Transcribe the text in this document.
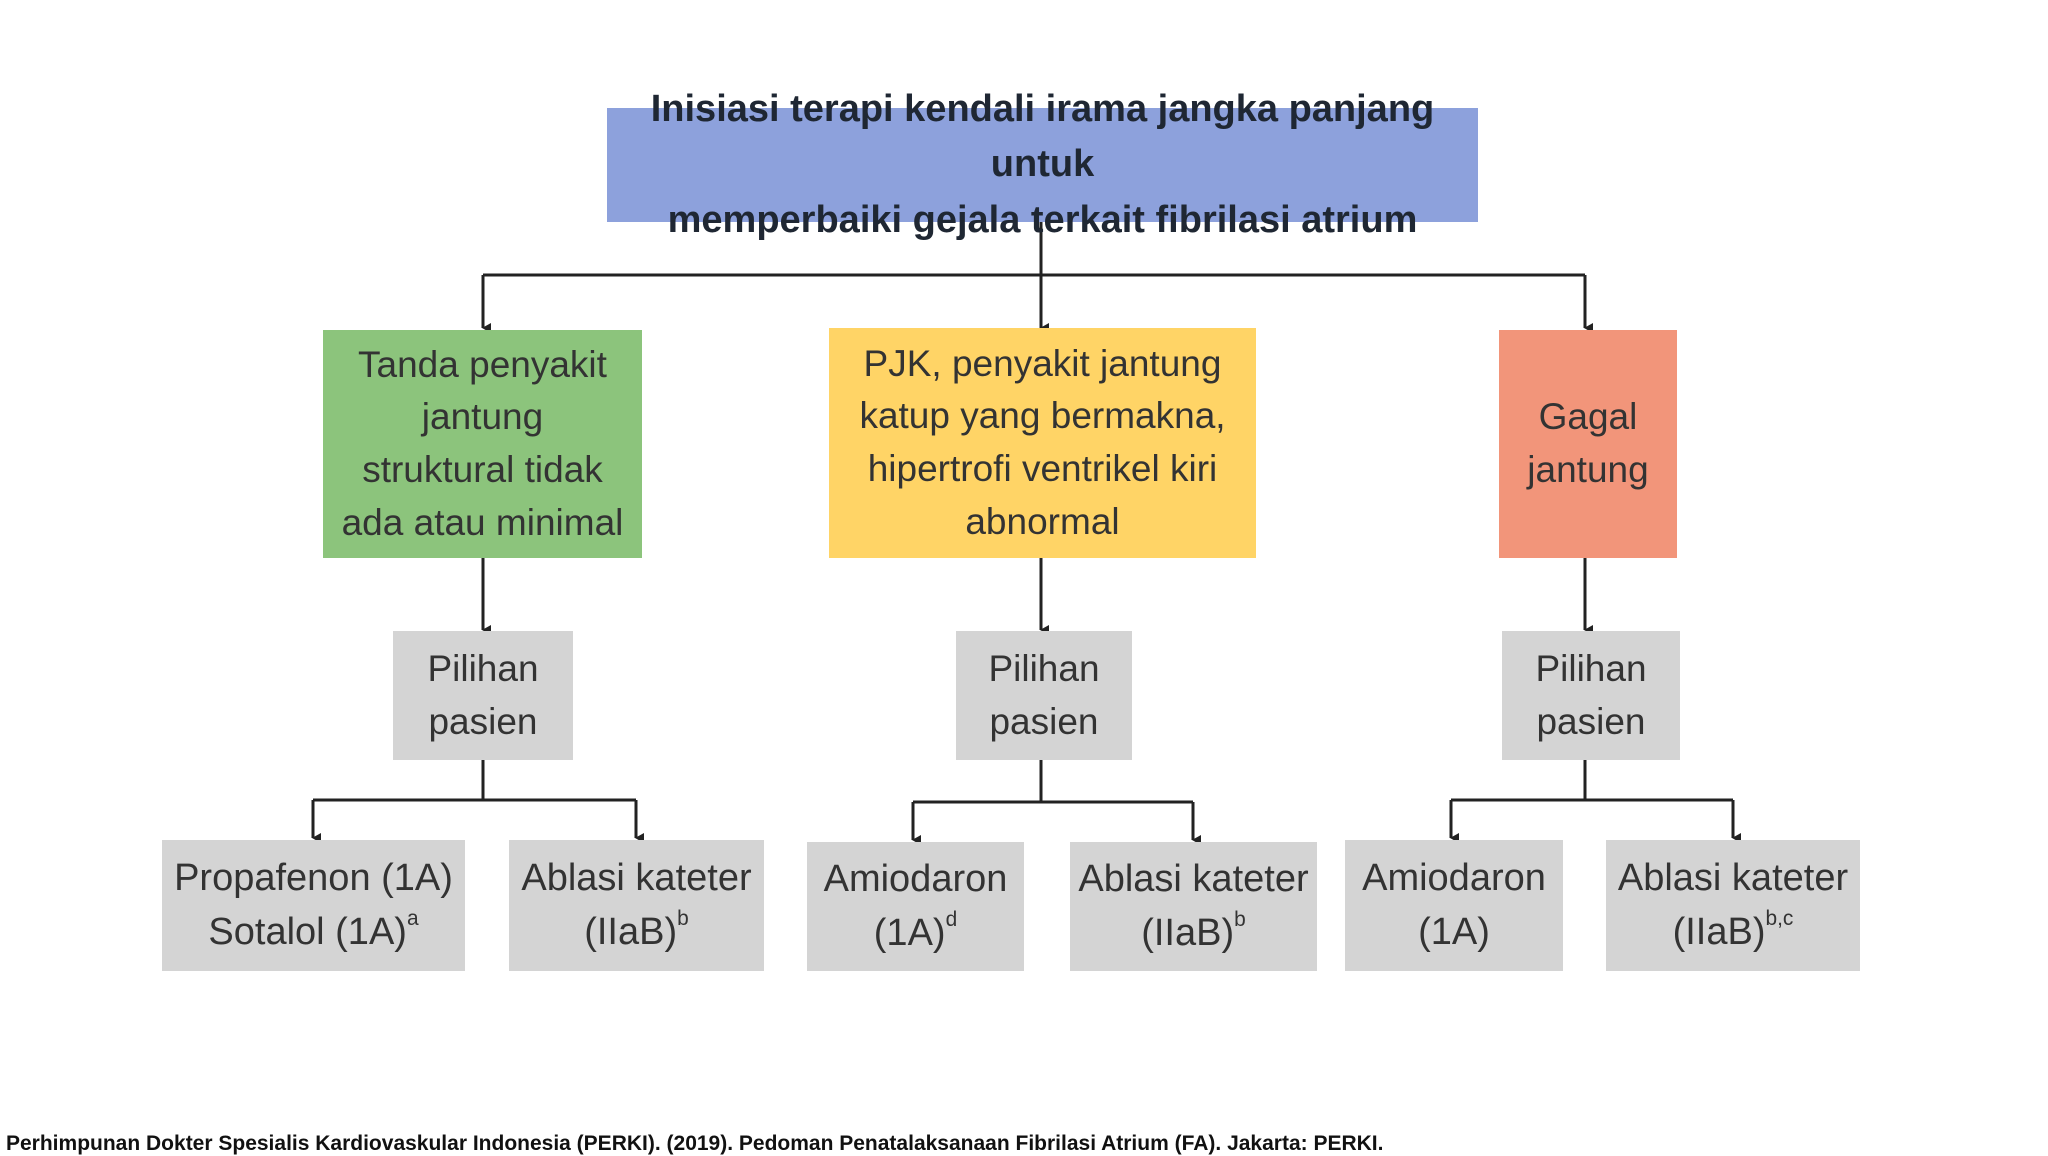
Inisiasi terapi kendali irama jangka panjang untuk
memperbaiki gejala terkait fibrilasi atrium
Tanda penyakit
jantung
struktural tidak
ada atau minimal
PJK, penyakit jantung
katup yang bermakna,
hipertrofi ventrikel kiri
abnormal
Gagal
jantung
Pilihan
pasien
Pilihan
pasien
Pilihan
pasien
Propafenon (1A)
Sotalol $(1A)^a$
Ablasi kateter
(IIaB)$^b$
Amiodaron
$(1A)^d$
Ablasi kateter
(IIaB)$^b$
Amiodaron
(1A)
Ablasi kateter
(IIaB)$^{b,c}$
Perhimpunan Dokter Spesialis Kardiovaskular Indonesia (PERKI). (2019). Pedoman Penatalaksanaan Fibrilasi Atrium (FA). Jakarta: PERKI.
